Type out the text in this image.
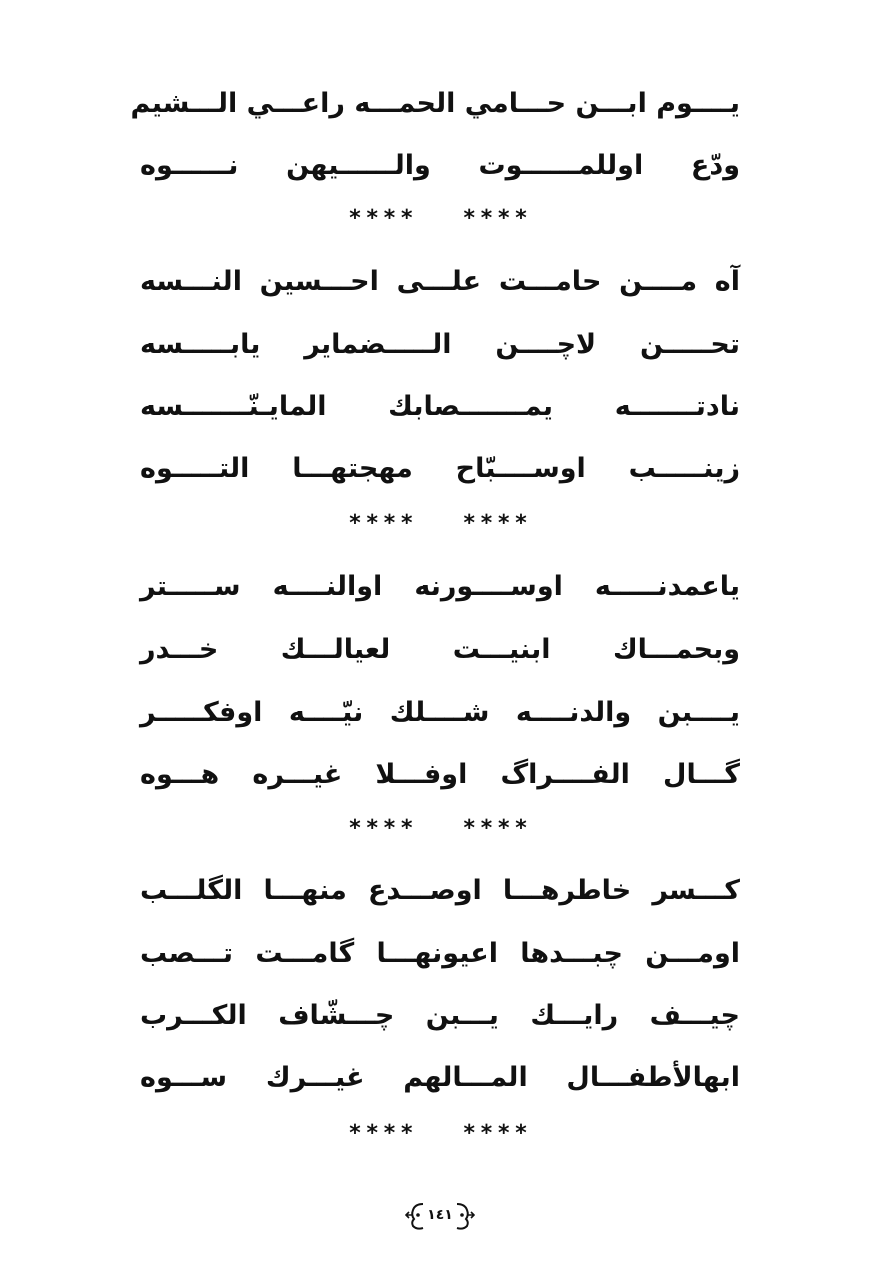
يــــوم ابـــن حـــامي الحمـــه راعـــي الـــشيم
ودّع اوللمــــــوت والــــــيهن نــــــوه
**** ****
آه مــــن حامـــت علـــى احـــسين النـــسه
تحـــــن لاچــــن الـــــضماير يابـــــسه
نادتـــــــه يمـــــــصابك المايـنّـــــــسه
زينـــــب اوســــبّاح مهجتهـــا التـــــوه
**** ****
ياعمدنـــــه اوســــورنه اوالنــــه ســـــتر
وبحمـــاك ابنيـــت لعيالـــك خـــدر
يــــبن والدنــــه شــــلك نيّــــه اوفكـــــر
گـــال الفــــراگ اوفـــلا غيـــره هـــوه
**** ****
كـــسر خاطرهـــا اوصـــدع منهـــا الگلـــب
اومـــن چبـــدها اعيونهـــا گامـــت تـــصب
چيـــف رايـــك يـــبن چـــشّاف الكـــرب
ابهالأطفـــال المـــالهم غيـــرك ســـوه
**** ****
١٤١
